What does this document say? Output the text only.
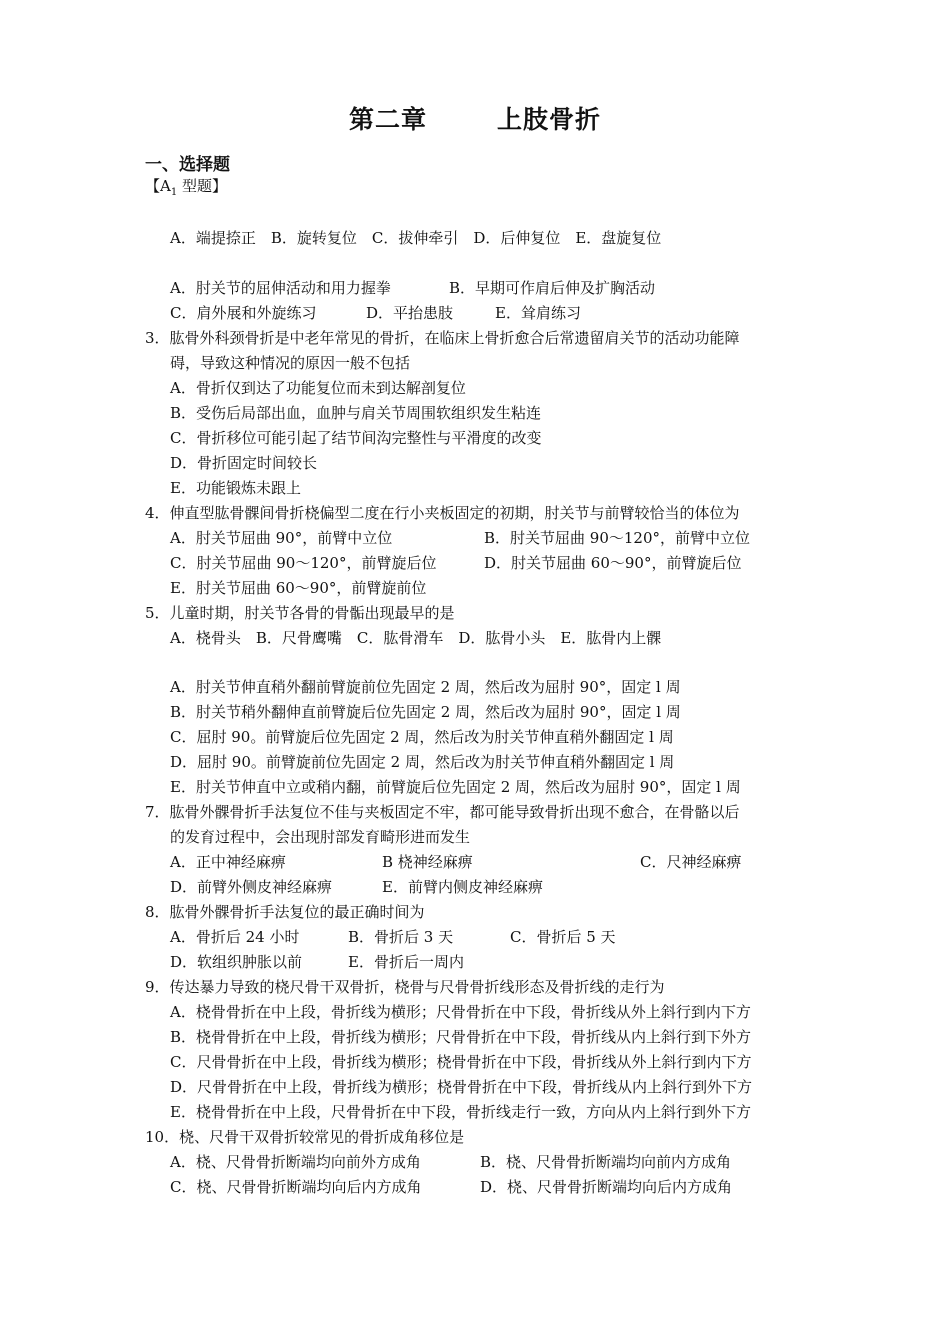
第二章	上肢骨折
一、选择题
【$A_1$ 型题】
A．端提捺正　B．旋转复位　C．拔伸牵引　D．后伸复位　E．盘旋复位
A．肘关节的屈伸活动和用力握拳	B．早期可作肩后伸及扩胸活动
C．肩外展和外旋练习	D．平抬患肢	E．耸肩练习
3．肱骨外科颈骨折是中老年常见的骨折，在临床上骨折愈合后常遗留肩关节的活动功能障
碍，导致这种情况的原因一般不包括
A．骨折仅到达了功能复位而未到达解剖复位
B．受伤后局部出血，血肿与肩关节周围软组织发生粘连
C．骨折移位可能引起了结节间沟完整性与平滑度的改变
D．骨折固定时间较长
E．功能锻炼未跟上
4．伸直型肱骨髁间骨折桡偏型二度在行小夹板固定的初期，肘关节与前臂较恰当的体位为
A．肘关节屈曲 90°，前臂中立位	B．肘关节屈曲 90～120°，前臂中立位
C．肘关节屈曲 90～120°，前臂旋后位	D．肘关节屈曲 60～90°，前臂旋后位
E．肘关节屈曲 60～90°，前臂旋前位
5．儿童时期，肘关节各骨的骨骺出现最早的是
A．桡骨头　B．尺骨鹰嘴　C．肱骨滑车　D．肱骨小头　E．肱骨内上髁
A．肘关节伸直稍外翻前臂旋前位先固定 2 周，然后改为屈肘 90°，固定 l 周
B．肘关节稍外翻伸直前臂旋后位先固定 2 周，然后改为屈肘 90°，固定 l 周
C．屈肘 90。前臂旋后位先固定 2 周，然后改为肘关节伸直稍外翻固定 l 周
D．屈肘 90。前臂旋前位先固定 2 周，然后改为肘关节伸直稍外翻固定 l 周
E．肘关节伸直中立或稍内翻，前臂旋后位先固定 2 周，然后改为屈肘 90°，固定 l 周
7．肱骨外髁骨折手法复位不佳与夹板固定不牢，都可能导致骨折出现不愈合，在骨骼以后
的发育过程中，会出现肘部发育畸形进而发生
A．正中神经麻痹	B 桡神经麻痹	C．尺神经麻痹
D．前臂外侧皮神经麻痹	E．前臂内侧皮神经麻痹
8．肱骨外髁骨折手法复位的最正确时间为
A．骨折后 24 小时	B．骨折后 3 天	C．骨折后 5 天
D．软组织肿胀以前	E．骨折后一周内
9．传达暴力导致的桡尺骨干双骨折，桡骨与尺骨骨折线形态及骨折线的走行为
A．桡骨骨折在中上段，骨折线为横形；尺骨骨折在中下段，骨折线从外上斜行到内下方
B．桡骨骨折在中上段，骨折线为横形；尺骨骨折在中下段，骨折线从内上斜行到下外方
C．尺骨骨折在中上段，骨折线为横形；桡骨骨折在中下段，骨折线从外上斜行到内下方
D．尺骨骨折在中上段，骨折线为横形；桡骨骨折在中下段，骨折线从内上斜行到外下方
E．桡骨骨折在中上段，尺骨骨折在中下段，骨折线走行一致，方向从内上斜行到外下方
10．桡、尺骨干双骨折较常见的骨折成角移位是
A．桡、尺骨骨折断端均向前外方成角	B．桡、尺骨骨折断端均向前内方成角
C．桡、尺骨骨折断端均向后内方成角	D．桡、尺骨骨折断端均向后内方成角
